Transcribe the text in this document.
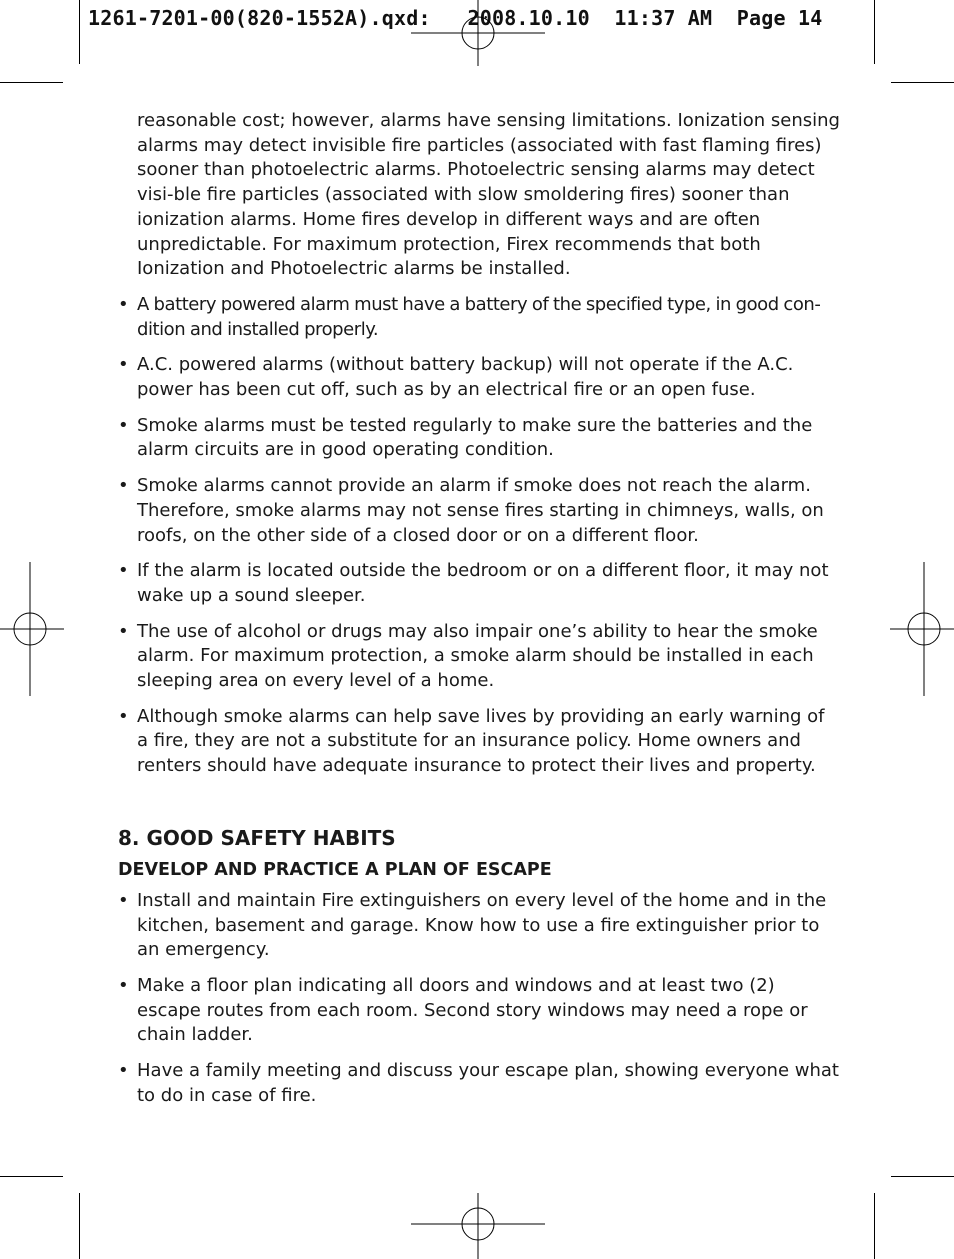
1261-7201-00(820-1552A).qxd:   2008.10.10  11:37 AM  Page 14

reasonable cost; however, alarms have sensing limitations. Ionization sensing alarms may detect invisible fire particles (associated with fast flaming fires) sooner than photoelectric alarms. Photoelectric sensing alarms may detect visi-ble fire particles (associated with slow smoldering fires) sooner than ionization alarms. Home fires develop in different ways and are often unpredictable. For maximum protection, Firex recommends that both Ionization and Photoelectric alarms be installed.

• A battery powered alarm must have a battery of the specified type, in good con-dition and installed properly.
• A.C. powered alarms (without battery backup) will not operate if the A.C. power has been cut off, such as by an electrical fire or an open fuse.
• Smoke alarms must be tested regularly to make sure the batteries and the alarm circuits are in good operating condition.
• Smoke alarms cannot provide an alarm if smoke does not reach the alarm. Therefore, smoke alarms may not sense fires starting in chimneys, walls, on roofs, on the other side of a closed door or on a different floor.
• If the alarm is located outside the bedroom or on a different floor, it may not wake up a sound sleeper.
• The use of alcohol or drugs may also impair one’s ability to hear the smoke alarm. For maximum protection, a smoke alarm should be installed in each sleeping area on every level of a home.
• Although smoke alarms can help save lives by providing an early warning of a fire, they are not a substitute for an insurance policy. Home owners and renters should have adequate insurance to protect their lives and property.
8. GOOD SAFETY HABITS
DEVELOP AND PRACTICE A PLAN OF ESCAPE
• Install and maintain Fire extinguishers on every level of the home and in the kitchen, basement and garage. Know how to use a fire extinguisher prior to an emergency.
• Make a floor plan indicating all doors and windows and at least two (2) escape routes from each room. Second story windows may need a rope or chain ladder.
• Have a family meeting and discuss your escape plan, showing everyone what to do in case of fire.
